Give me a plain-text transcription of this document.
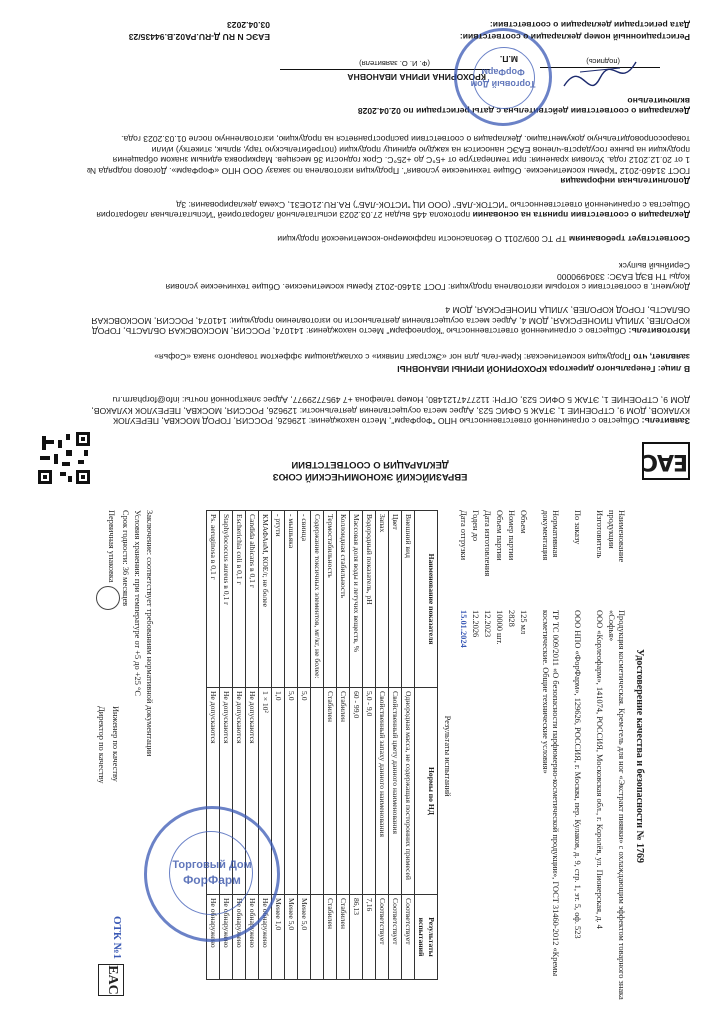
EAC
ЕВРАЗИЙСКИЙ ЭКОНОМИЧЕСКИЙ СОЮЗ
ДЕКЛАРАЦИЯ О СООТВЕТСТВИИ
Заявитель: Общество с ограниченной ответственностью НПО "ФорФарм", Место нахождения: 129626, РОССИЯ, ГОРОД МОСКВА, ПЕРЕУЛОК КУЛАКОВ, ДОМ 9, СТРОЕНИЕ 1, ЭТАЖ 5 ОФИС 523, Адрес места осуществления деятельности: 129626, РОССИЯ, МОСКВА, ПЕРЕУЛОК КУЛАКОВ, ДОМ 9, СТРОЕНИЕ 1, ЭТАЖ 5 ОФИС 523, ОГРН: 1127747121480, Номер телефона +7 4957729977, Адрес электронной почты: info@forpharm.ru
В лице: Генерального директора КРОХОРИНОЙ ИРИНЫ ИВАНОВНЫ
заявляет, что Продукция косметическая: Крем-гель для ног «Экстракт пиявки» с охлаждающим эффектом товарного знака «Софья»
Изготовитель: Общество с ограниченной ответственностью "Корлеофарм" Место нахождения: 141074, РОССИЯ, МОСКОВСКАЯ ОБЛАСТЬ, ГОРОД КОРОЛЕВ, УЛИЦА ПИОНЕРСКАЯ, ДОМ 4, Адрес места осуществления деятельности по изготовлению продукции: 141074, РОССИЯ, МОСКОВСКАЯ ОБЛАСТЬ, ГОРОД КОРОЛЕВ, УЛИЦА ПИОНЕРСКАЯ, ДОМ 4
Документ, в соответствии с которым изготовлена продукция: ГОСТ 31460-2012 Кремы косметические. Общие технические условия
Коды ТН ВЭД ЕАЭС: 3304990000
Серийный выпуск
Соответствует требованиям ТР ТС 009/2011 О безопасности парфюмерно-косметической продукции
Декларация о соответствии принята на основании протокола 445 выдан 27.03.2023 испытательной лабораторией "Испытательная лаборатория Общества с ограниченной ответственностью "ИСТОК-ЛАБ" (ООО ИЦ "ИСТОК-ЛАБ") RA.RU.21ОЕ31, Схема декларирования: 3д
Дополнительная информация
ГОСТ 31460-2012 "Кремы косметические. Общие технические условия". Продукция изготовлена по заказу ООО НПО «ФорФарм». Договор подряда № 1 от 20.12.2012 года. Условия хранения: при температуре от +5°С до +25°С. Срок годности 36 месяцев. Маркировка единым знаком обращения продукции на рынке государств-членов ЕАЭС наносится на каждую единицу продукции (потребительскую тару, ярлык, этикетку) и/или товаросопроводительную документацию. Декларация о соответствии распространяется на продукцию, изготовленную после 01.03.2023 года.
Декларация о соответствии действительна с даты регистрации по 02.04.2028
включительно
(подпись)
М.П.
КРОХОРИНА ИРИНА ИВАНОВНА
(Ф. И. О. заявителя)
Торговый Дом
ФорФарм
Регистрационный номер декларации о соответствии:
ЕАЭС N RU Д-RU.PA02.B.94435/23
Дата регистрации декларации о соответствии:
03.04.2023
Удостоверение качества и безопасности № 1769
Наименование продукции
Продукция косметическая. Крем-гель для ног «Экстракт пиявки» с охлаждающим эффектом товарного знака «Софья»
Изготовитель
ООО «Корлеофарм», 141074, РОССИЯ, Московская обл., г. Королёв, ул. Пионерская, д. 4
По заказу
ООО НПО «ФорФарм», 129626, РОССИЯ, г. Москва, пер. Кулаков, д. 9, стр. 1, эт. 5, оф. 523
Нормативная документация
ТР ТС 009/2011 «О безопасности парфюмерно-косметической продукции», ГОСТ 31460-2012 «Кремы косметические. Общие технические условия»
Объем
125 мл
Номер партии
2828
Объем партии
10000 шт.
Дата изготовления
12.2023
Годен до
12.2026
Дата отгрузки
15.01.2024
Результаты испытаний
Наименование показателя	Нормы по НД	Результаты испытаний
Внешний вид	Однородная масса, не содержащая посторонних примесей	Соответствует
Цвет	Свойственный цвету данного наименования	Соответствует
Запах	Свойственный запаху данного наименования	Соответствует
Водородный показатель, pH	5,0 - 9,0	7,16
Массовая доля воды и летучих веществ, %	60 - 99,0	86,13
Коллоидная стабильность	Стабилен	Стабилен
Термостабильность	Стабилен	Стабилен
Содержание токсичных элементов, мг/кг, не более:		
- свинца	5,0	Менее 5,0
- мышьяка	5,0	Менее 5,0
- ртути	1,0	Менее 1,0
КМАФАнМ, КОЕ/г, не более	1 × 10²	Не обнаружено
Candida albicans в 0,1 г	Не допускаются	Не обнаружено
Escherichia coli в 0,1 г	Не допускаются	Не обнаружено
Staphylococcus aureus в 0,1 г	Не допускаются	Не обнаружено
Ps. aeruginosa в 0,1 г	Не допускаются	Не обнаружено
Заключение: соответствует требованиям нормативной документации
Условия хранения: при температуре от +5 до +25 °С
Срок годности: 36 месяцев
Первичная упаковка
Инженер по качеству
Директор по качеству
EAC
ОТК №1
Торговый Дом
ФорФарм
